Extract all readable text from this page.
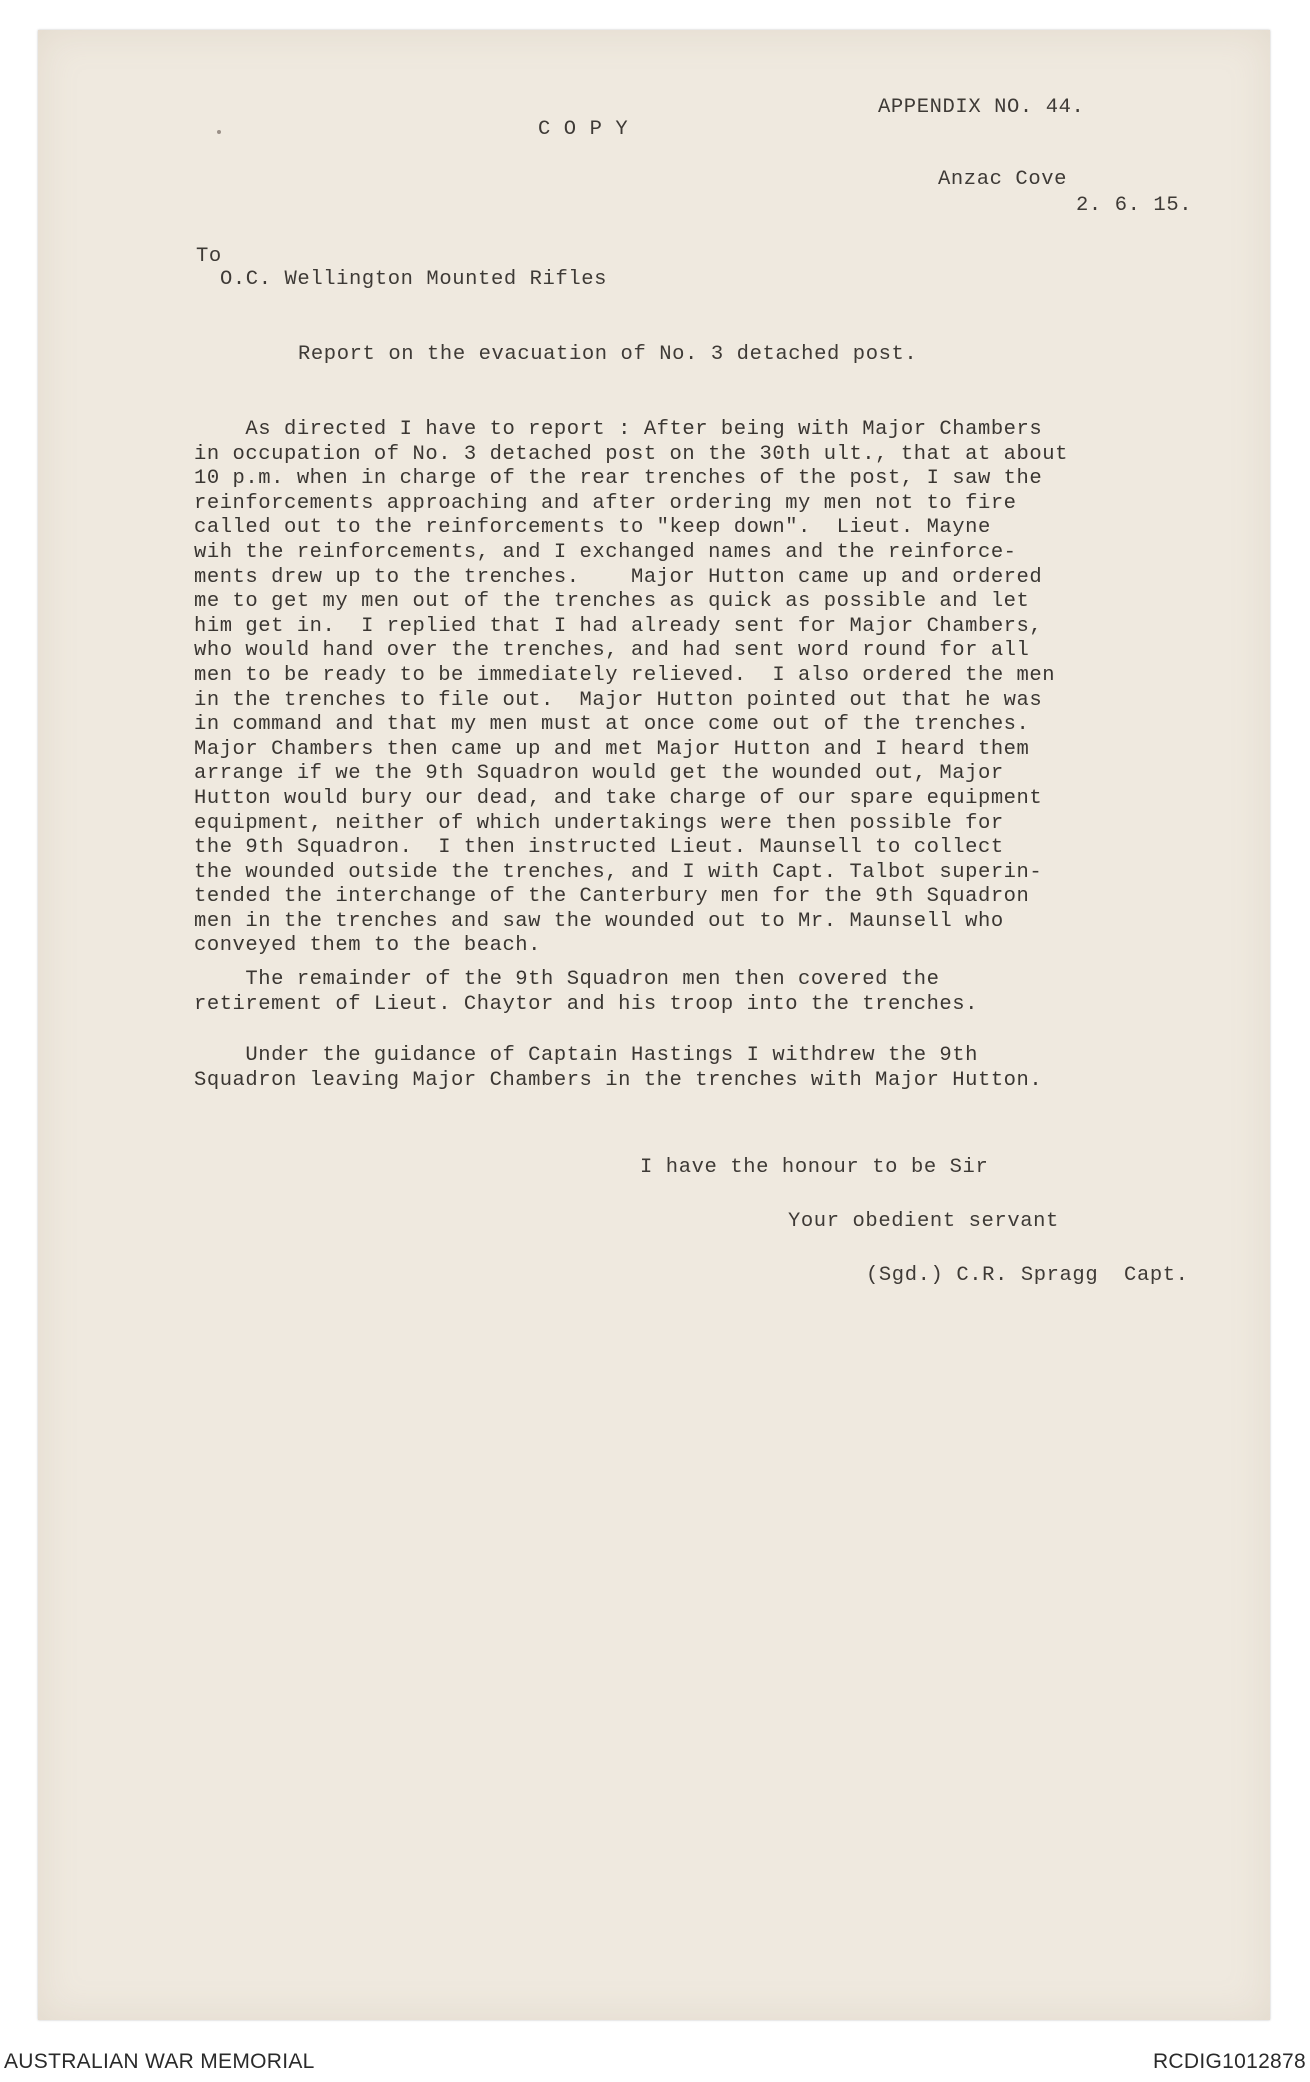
APPENDIX NO. 44.
C O P Y
Anzac Cove
2. 6. 15.
To
O.C. Wellington Mounted Rifles
Report on the evacuation of No. 3 detached post.
As directed I have to report : After being with Major Chambers
in occupation of No. 3 detached post on the 30th ult., that at about
10 p.m. when in charge of the rear trenches of the post, I saw the
reinforcements approaching and after ordering my men not to fire
called out to the reinforcements to "keep down".  Lieut. Mayne
wih the reinforcements, and I exchanged names and the reinforce-
ments drew up to the trenches.    Major Hutton came up and ordered
me to get my men out of the trenches as quick as possible and let
him get in.  I replied that I had already sent for Major Chambers,
who would hand over the trenches, and had sent word round for all
men to be ready to be immediately relieved.  I also ordered the men
in the trenches to file out.  Major Hutton pointed out that he was
in command and that my men must at once come out of the trenches.
Major Chambers then came up and met Major Hutton and I heard them
arrange if we the 9th Squadron would get the wounded out, Major
Hutton would bury our dead, and take charge of our spare equipment
equipment, neither of which undertakings were then possible for
the 9th Squadron.  I then instructed Lieut. Maunsell to collect
the wounded outside the trenches, and I with Capt. Talbot superin-
tended the interchange of the Canterbury men for the 9th Squadron
men in the trenches and saw the wounded out to Mr. Maunsell who
conveyed them to the beach.
The remainder of the 9th Squadron men then covered the
retirement of Lieut. Chaytor and his troop into the trenches.
Under the guidance of Captain Hastings I withdrew the 9th
Squadron leaving Major Chambers in the trenches with Major Hutton.
I have the honour to be Sir
Your obedient servant
(Sgd.) C.R. Spragg  Capt.
AUSTRALIAN WAR MEMORIAL	RCDIG1012878
